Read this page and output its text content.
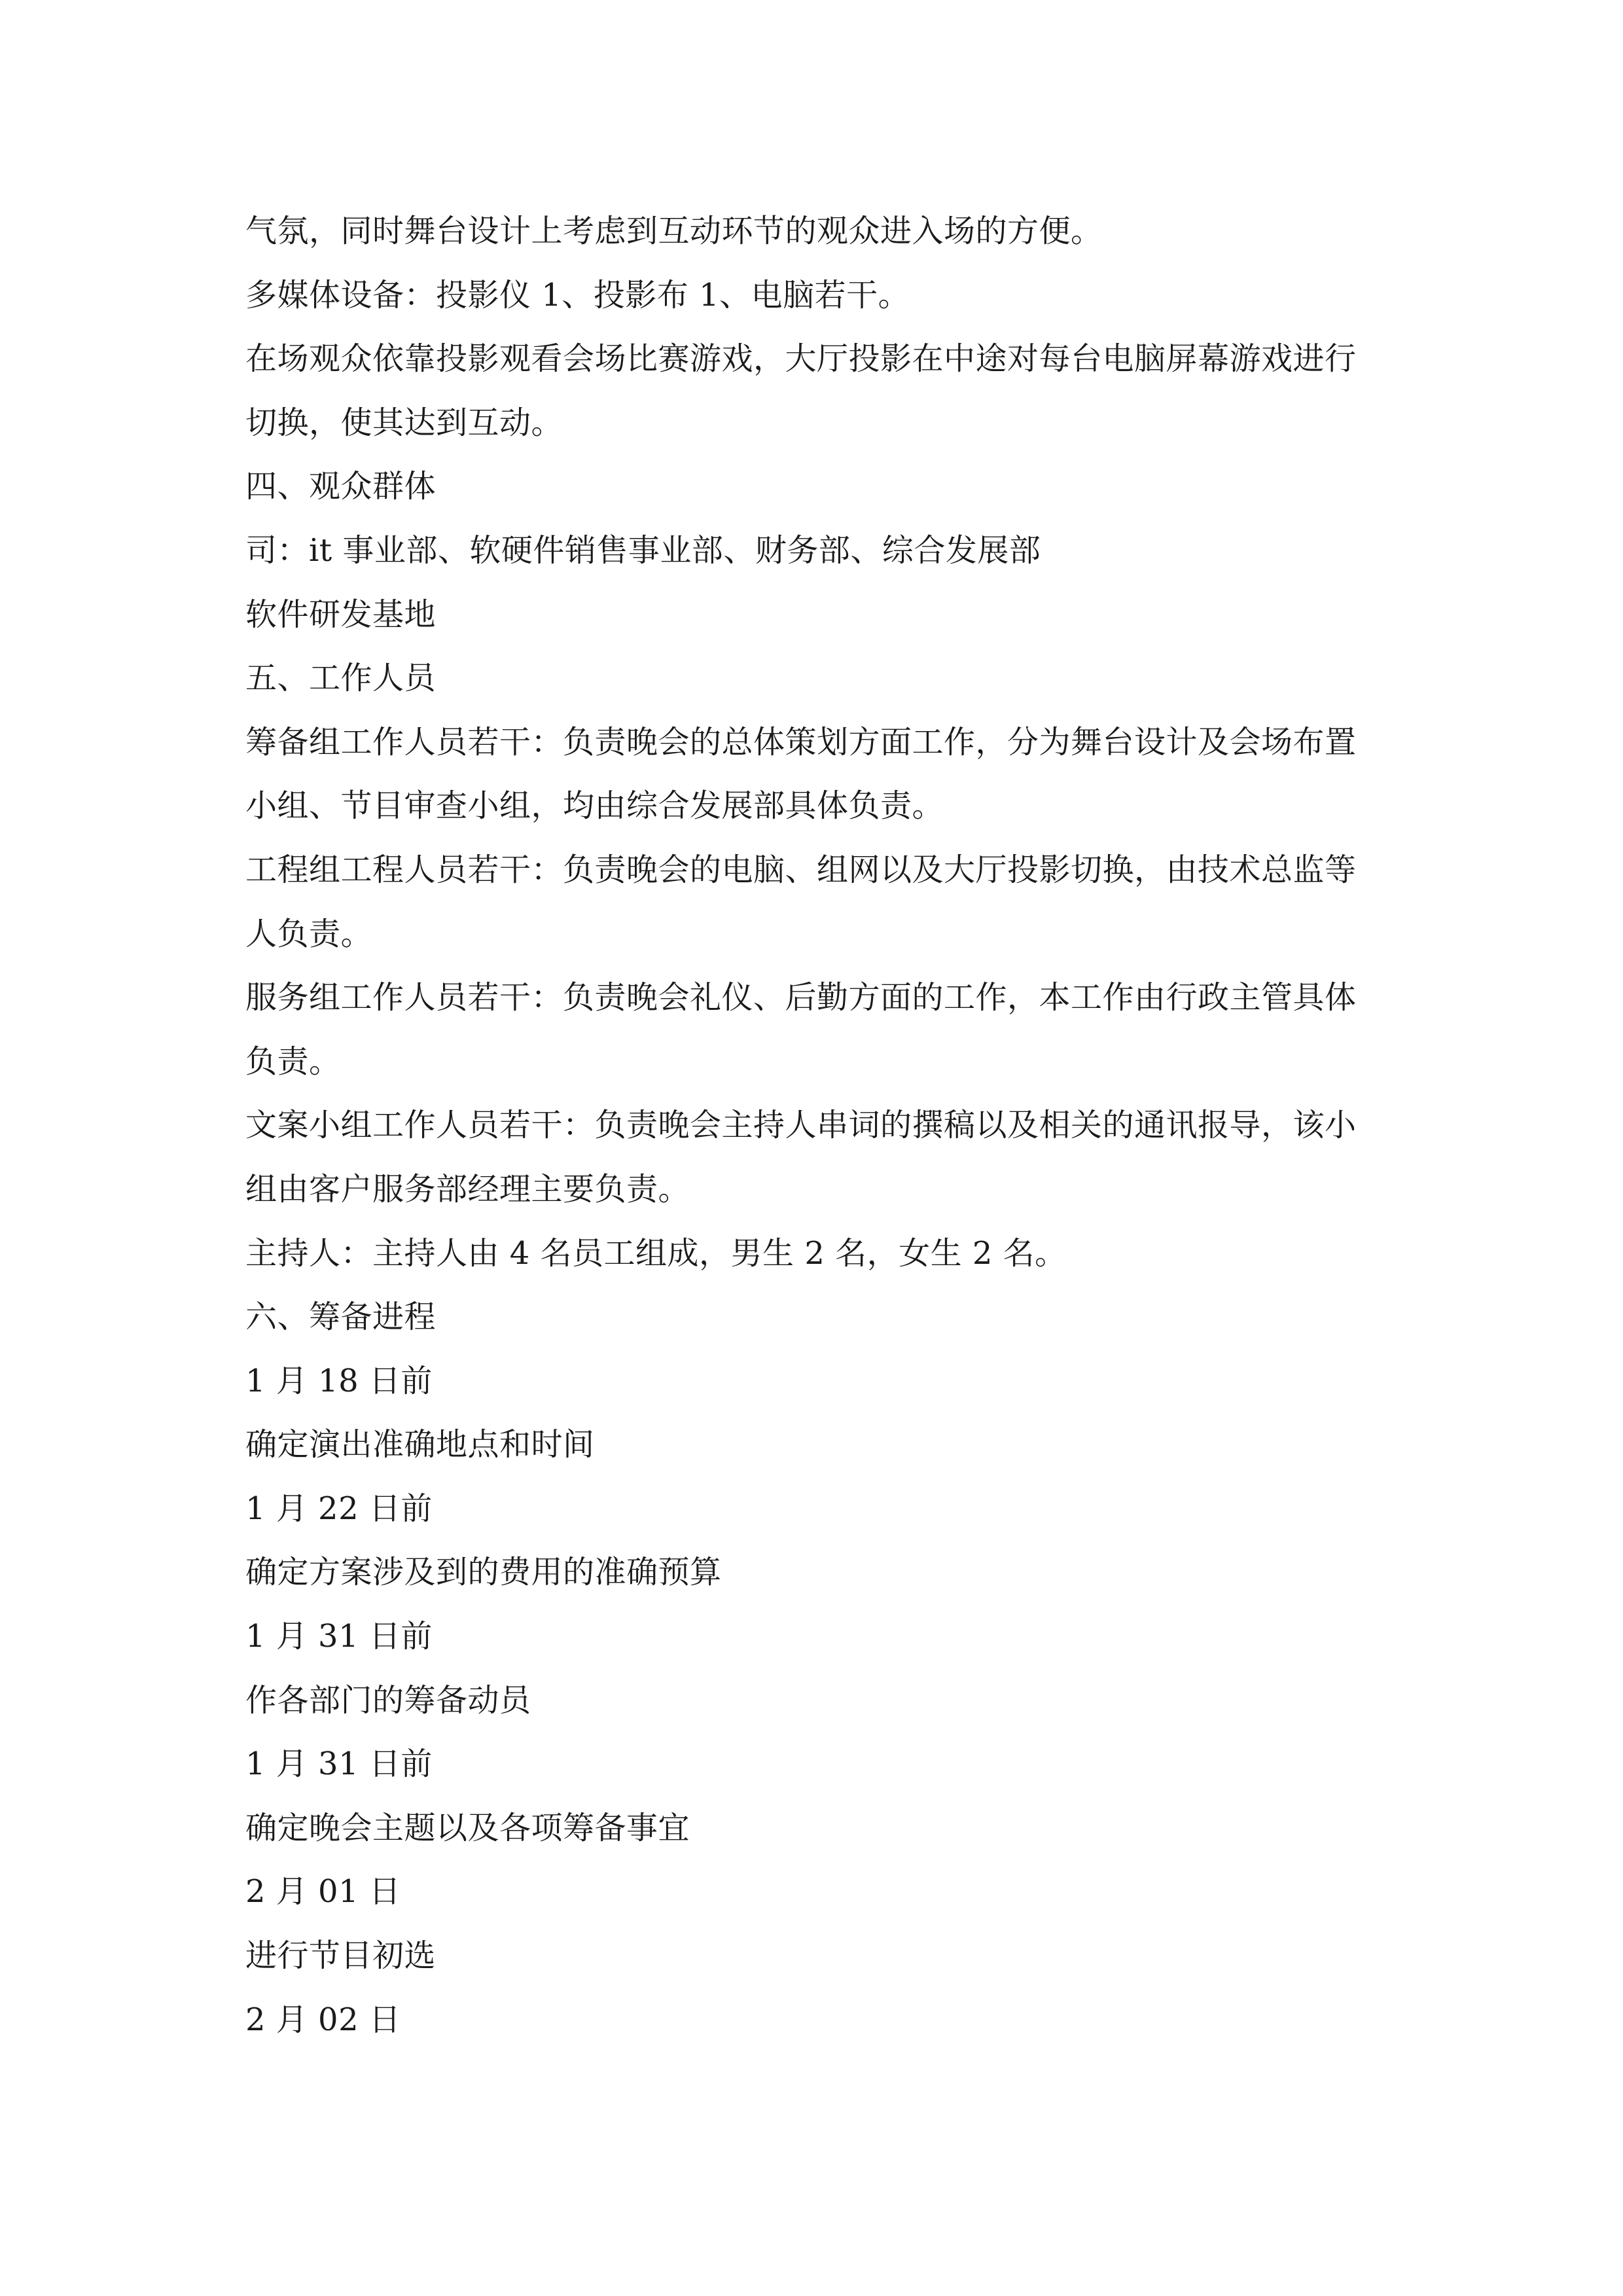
气氛，同时舞台设计上考虑到互动环节的观众进入场的方便。
多媒体设备：投影仪 1、投影布 1、电脑若干。
在场观众依靠投影观看会场比赛游戏，大厅投影在中途对每台电脑屏幕游戏进行
切换，使其达到互动。
四、观众群体
司：it 事业部、软硬件销售事业部、财务部、综合发展部
软件研发基地
五、工作人员
筹备组工作人员若干：负责晚会的总体策划方面工作，分为舞台设计及会场布置
小组、节目审查小组，均由综合发展部具体负责。
工程组工程人员若干：负责晚会的电脑、组网以及大厅投影切换，由技术总监等
人负责。
服务组工作人员若干：负责晚会礼仪、后勤方面的工作，本工作由行政主管具体
负责。
文案小组工作人员若干：负责晚会主持人串词的撰稿以及相关的通讯报导，该小
组由客户服务部经理主要负责。
主持人：主持人由 4 名员工组成，男生 2 名，女生 2 名。
六、筹备进程
1 月 18 日前
确定演出准确地点和时间
1 月 22 日前
确定方案涉及到的费用的准确预算
1 月 31 日前
作各部门的筹备动员
1 月 31 日前
确定晚会主题以及各项筹备事宜
2 月 01 日
进行节目初选
2 月 02 日
